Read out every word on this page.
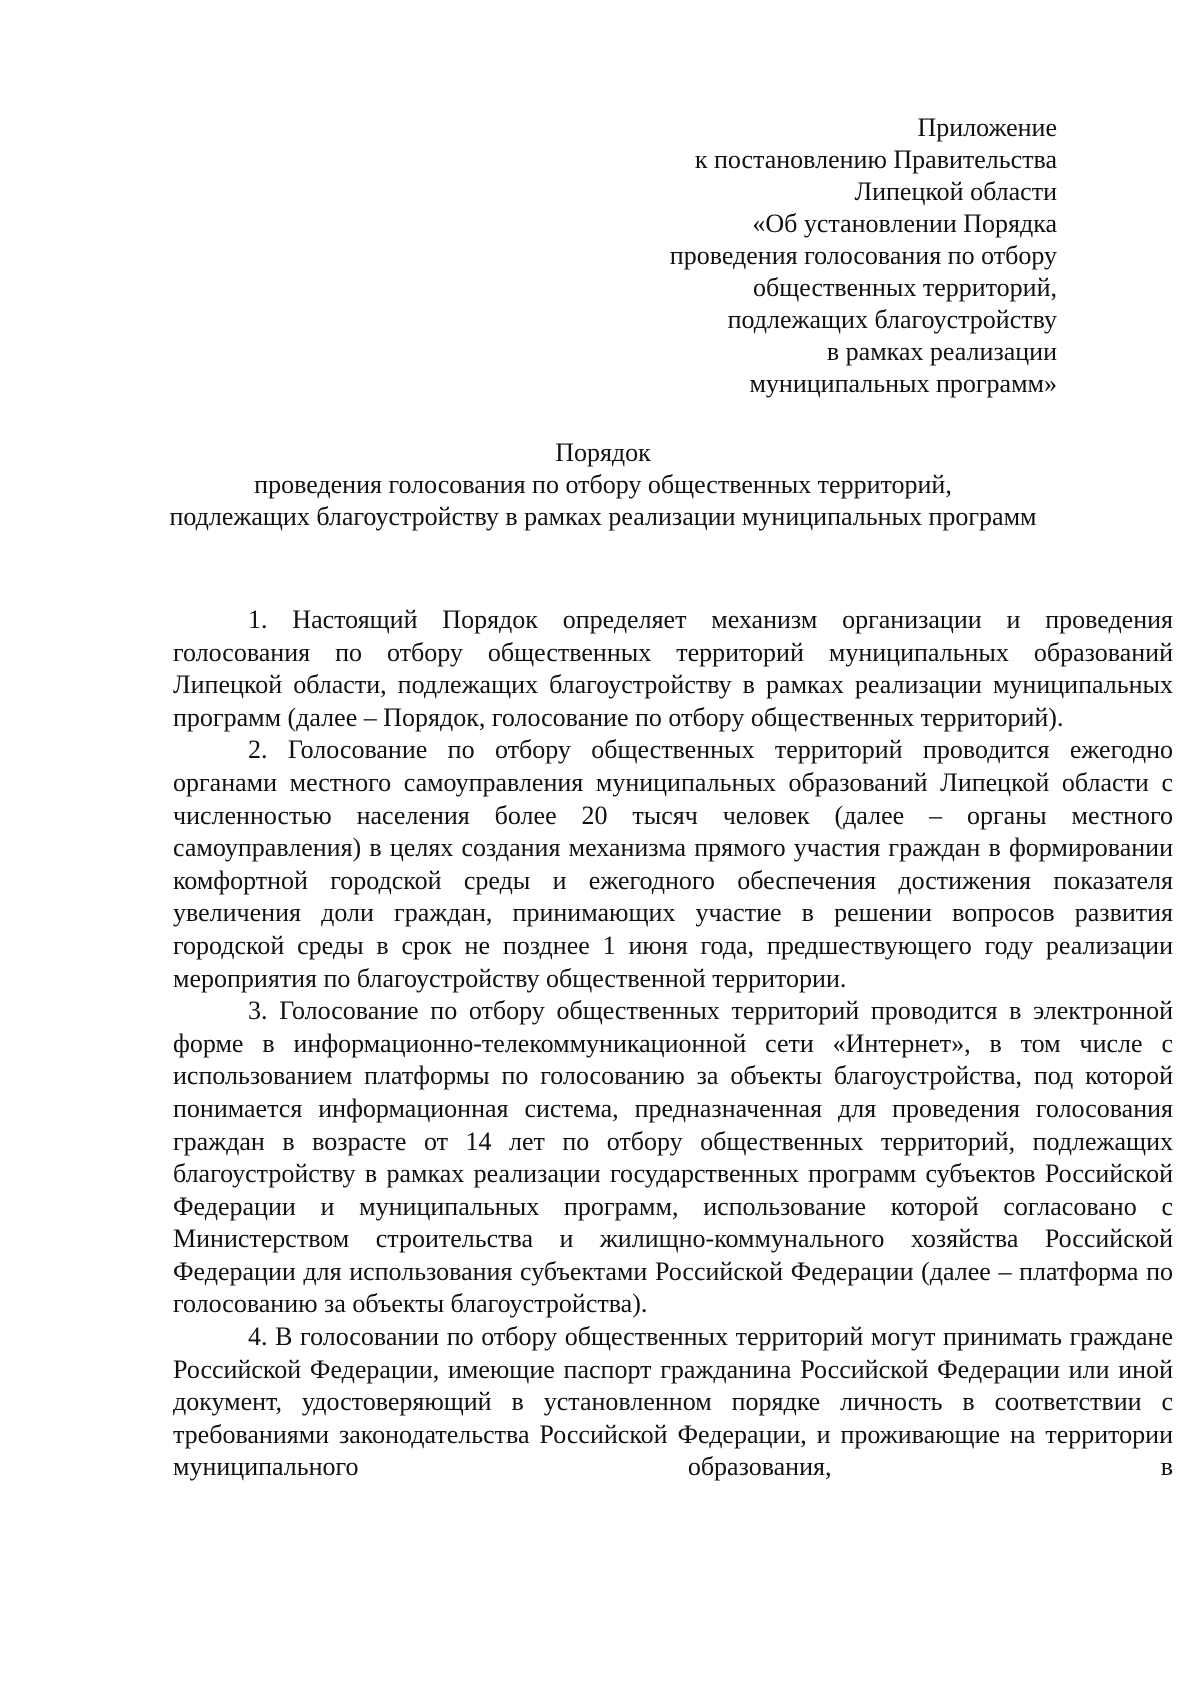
Приложение
к постановлению Правительства
Липецкой области
«Об установлении Порядка
проведения голосования по отбору
общественных территорий,
подлежащих благоустройству
в рамках реализации
муниципальных программ»
Порядок
проведения голосования по отбору общественных территорий,
подлежащих благоустройству в рамках реализации муниципальных программ

1. Настоящий Порядок определяет механизм организации и проведения голосования по отбору общественных территорий муниципальных образований Липецкой области, подлежащих благоустройству в рамках реализации муниципальных программ (далее – Порядок, голосование по отбору общественных территорий).

2. Голосование по отбору общественных территорий проводится ежегодно органами местного самоуправления муниципальных образований Липецкой области с численностью населения более 20 тысяч человек (далее – органы местного самоуправления) в целях создания механизма прямого участия граждан в формировании комфортной городской среды и ежегодного обеспечения достижения показателя увеличения доли граждан, принимающих участие в решении вопросов развития городской среды в срок не позднее 1 июня года, предшествующего году реализации мероприятия по благоустройству общественной территории.

3. Голосование по отбору общественных территорий проводится в электронной форме в информационно-телекоммуникационной сети «Интернет», в том числе с использованием платформы по голосованию за объекты благоустройства, под которой понимается информационная система, предназначенная для проведения голосования граждан в возрасте от 14 лет по отбору общественных территорий, подлежащих благоустройству в рамках реализации государственных программ субъектов Российской Федерации и муниципальных программ, использование которой согласовано с Министерством строительства и жилищно-коммунального хозяйства Российской Федерации для использования субъектами Российской Федерации (далее – платформа по голосованию за объекты благоустройства).

4. В голосовании по отбору общественных территорий могут принимать граждане Российской Федерации, имеющие паспорт гражданина Российской Федерации или иной документ, удостоверяющий в установленном порядке личность в соответствии с требованиями законодательства Российской Федерации, и проживающие на территории муниципального образования, в
